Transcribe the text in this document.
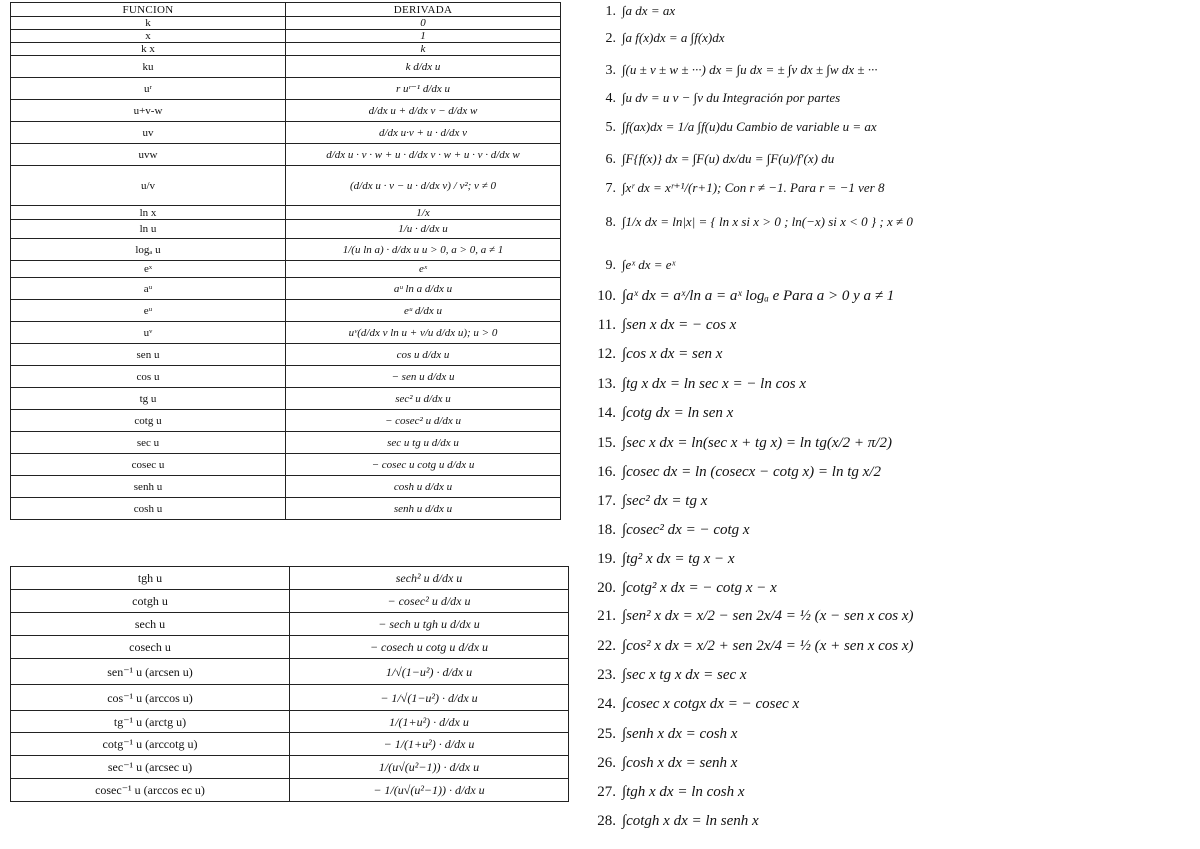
FUNCION	DERIVADA
k	0
x	1
k x	k
ku	k d/dx u
uʳ	r uʳ⁻¹ d/dx u
u+v-w	d/dx u + d/dx v − d/dx w
uv	d/dx u·v + u · d/dx v
uvw	d/dx u · v · w + u · d/dx v · w + u · v · d/dx w
u/v	(d/dx u · v − u · d/dx v) / v²; v ≠ 0
ln x	1/x
ln u	1/u · d/dx u
logₐ u	1/(u ln a) · d/dx u u > 0, a > 0, a ≠ 1
eˣ	eˣ
aᵘ	aᵘ ln a d/dx u
eᵘ	eᵘ d/dx u
uᵛ	uᵛ(d/dx v ln u + v/u d/dx u); u > 0
sen u	cos u d/dx u
cos u	− sen u d/dx u
tg u	sec² u d/dx u
cotg u	− cosec² u d/dx u
sec u	sec u tg u d/dx u
cosec u	− cosec u cotg u d/dx u
senh u	cosh u d/dx u
cosh u	senh u d/dx u
tgh u	sech² u d/dx u
cotgh u	− cosec² u d/dx u
sech u	− sech u tgh u d/dx u
cosech u	− cosech u cotg u d/dx u
sen⁻¹ u (arcsen u)	1/√(1−u²) · d/dx u
cos⁻¹ u (arccos u)	− 1/√(1−u²) · d/dx u
tg⁻¹ u (arctg u)	1/(1+u²) · d/dx u
cotg⁻¹ u (arccotg u)	− 1/(1+u²) · d/dx u
sec⁻¹ u (arcsec u)	1/(u√(u²−1)) · d/dx u
cosec⁻¹ u (arccos ec u)	− 1/(u√(u²−1)) · d/dx u
1. ∫a dx = ax
2. ∫a f(x)dx = a ∫f(x)dx
3. ∫(u ± v ± w ± ···) dx = ∫u dx = ± ∫v dx ± ∫w dx ± ···
4. ∫u dv = u v − ∫v du Integración por partes
5. ∫f(ax)dx = 1/a ∫f(u)du Cambio de variable u = ax
6. ∫F{f(x)} dx = ∫F(u) dx/du = ∫F(u)/f′(x) du
7. ∫xʳ dx = xʳ⁺¹/(r+1); Con r ≠ −1. Para r = −1 ver 8
8. ∫1/x dx = ln|x| = { ln x si x > 0 ; ln(−x) si x < 0 } ; x ≠ 0
9. ∫eˣ dx = eˣ
10. ∫aˣ dx = aˣ/ln a = aˣ logₐ e Para a > 0 y a ≠ 1
11. ∫sen x dx = − cos x
12. ∫cos x dx = sen x
13. ∫tg x dx = ln sec x = − ln cos x
14. ∫cotg dx = ln sen x
15. ∫sec x dx = ln(sec x + tg x) = ln tg(x/2 + π/2)
16. ∫cosec dx = ln (cosecx − cotg x) = ln tg x/2
17. ∫sec² dx = tg x
18. ∫cosec² dx = − cotg x
19. ∫tg² x dx = tg x − x
20. ∫cotg² x dx = − cotg x − x
21. ∫sen² x dx = x/2 − sen 2x/4 = ½ (x − sen x cos x)
22. ∫cos² x dx = x/2 + sen 2x/4 = ½ (x + sen x cos x)
23. ∫sec x tg x dx = sec x
24. ∫cosec x cotgx dx = − cosec x
25. ∫senh x dx = cosh x
26. ∫cosh x dx = senh x
27. ∫tgh x dx = ln cosh x
28. ∫cotgh x dx = ln senh x
